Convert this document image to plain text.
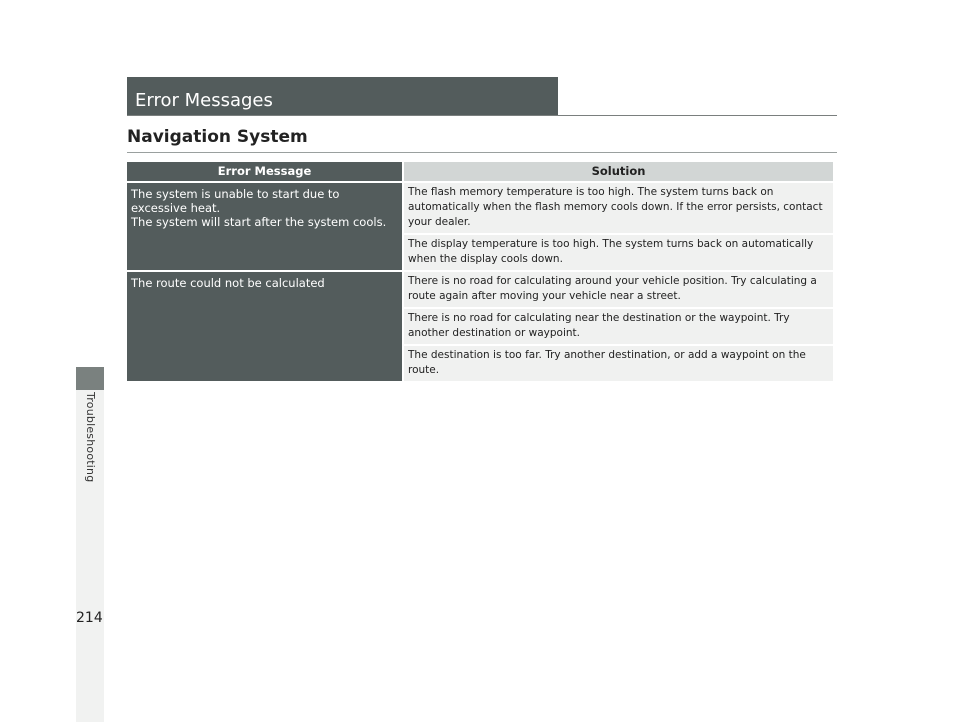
Troubleshooting
Error Messages
Navigation System
Error Message	Solution
The system is unable to start due to excessive heat.
The system will start after the system cools.
The flash memory temperature is too high. The system turns back on automatically when the flash memory cools down. If the error persists, contact your dealer.
The display temperature is too high. The system turns back on automatically when the display cools down.
The route could not be calculated	There is no road for calculating around your vehicle position. Try calculating a route again after moving your vehicle near a street.
There is no road for calculating near the destination or the waypoint. Try another destination or waypoint.
The destination is too far. Try another destination, or add a waypoint on the route.
214
